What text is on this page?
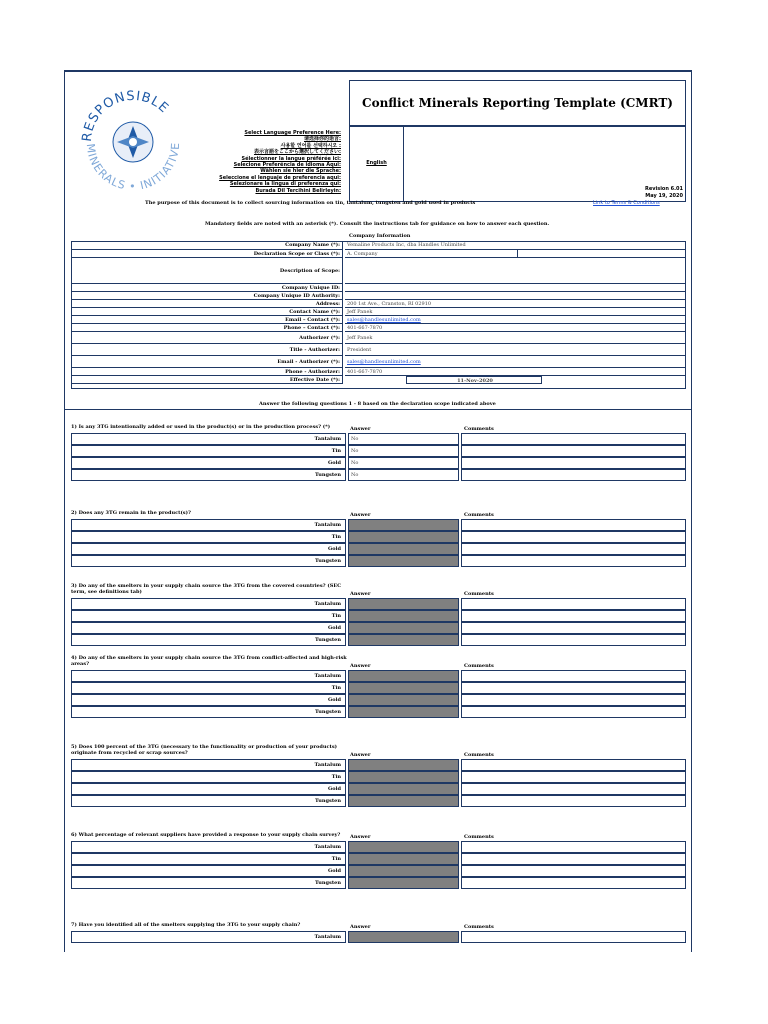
RESPONSIBLE
MINERALS • INITIATIVE
Conflict Minerals Reporting Template (CMRT)
Select Language Preference Here:
请选择你的语言:
사용할 언어를 선택하시오 :
表示言語をここから選択してください:
Sélectionner la langue préférée ici:
Selecione Preferência de idioma Aqui:
Wählen sie hier die Sprache:
Seleccione el lenguaje de preferencia aqui:
Selezionare la lingua di preferenza qui:
Burada Dil Tercihini Belirleyin:
English
Revision 6.01
May 19, 2020
Link to Terms & Conditions
The purpose of this document is to collect sourcing information on tin, tantalum, tungsten and gold used in products
Mandatory fields are noted with an asterisk (*). Consult the instructions tab for guidance on how to answer each question.
Company Information
Company Name (*):	Vemaline Products Inc, dba Handles Unlimited
Declaration Scope or Class (*):	A. Company
Description of Scope:
Company Unique ID:
Company Unique ID Authority:
Address:	200 1st Ave., Cranston, RI 02910
Contact Name (*):	Jeff Panek
Email – Contact (*):	sales@handlesunlimited.com
Phone – Contact (*):	401-667-7870
Authorizer (*):	Jeff Panek
Title - Authorizer:	President
Email - Authorizer (*):	sales@handlesunlimited.com
Phone - Authorizer:	401-667-7870
Effective Date (*):	11-Nov-2020
Answer the following questions 1 - 8 based on the declaration scope indicated above
1) Is any 3TG intentionally added or used in the product(s) or in the production process? (*)	Answer	Comments
Tantalum	No
Tin	No
Gold	No
Tungsten	No
2) Does any 3TG remain in the product(s)?	Answer	Comments
Tantalum
Tin
Gold
Tungsten
3) Do any of the smelters in your supply chain source the 3TG from the covered countries? (SEC term, see definitions tab)	Answer	Comments
Tantalum
Tin
Gold
Tungsten
4) Do any of the smelters in your supply chain source the 3TG from conflict-affected and high-risk areas?	Answer	Comments
Tantalum
Tin
Gold
Tungsten
5) Does 100 percent of the 3TG (necessary to the functionality or production of your products) originate from recycled or scrap sources?	Answer	Comments
Tantalum
Tin
Gold
Tungsten
6) What percentage of relevant suppliers have provided a response to your supply chain survey?	Answer	Comments
Tantalum
Tin
Gold
Tungsten
7) Have you identified all of the smelters supplying the 3TG to your supply chain?	Answer	Comments
Tantalum
